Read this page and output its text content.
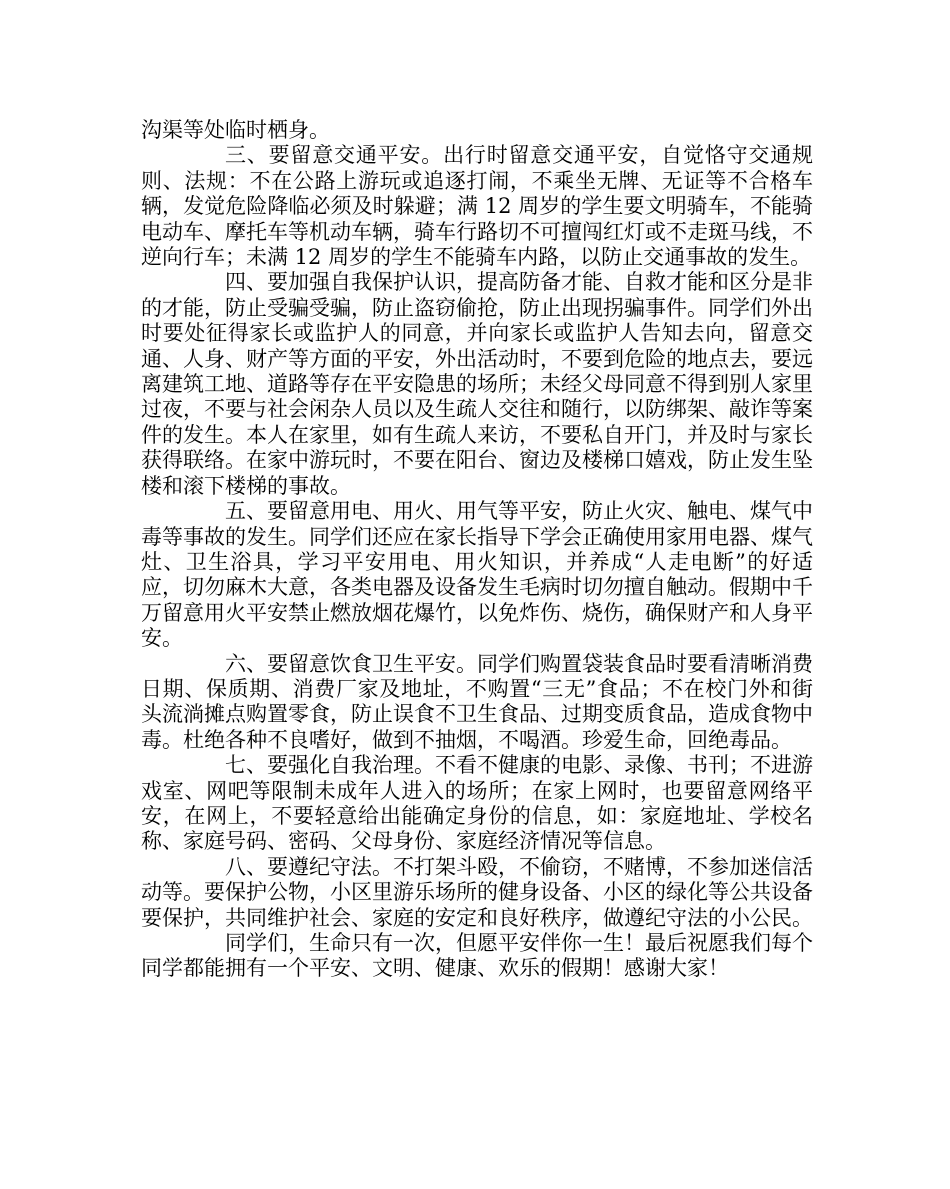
沟渠等处临时栖身。

三、要留意交通平安。出行时留意交通平安，自觉恪守交通规则、法规：不在公路上游玩或追逐打闹，不乘坐无牌、无证等不合格车辆，发觉危险降临必须及时躲避；满 12 周岁的学生要文明骑车，不能骑电动车、摩托车等机动车辆，骑车行路切不可擅闯红灯或不走斑马线，不逆向行车；未满 12 周岁的学生不能骑车内路，以防止交通事故的发生。

四、要加强自我保护认识，提高防备才能、自救才能和区分是非的才能，防止受骗受骗，防止盗窃偷抢，防止出现拐骗事件。同学们外出时要处征得家长或监护人的同意，并向家长或监护人告知去向，留意交通、人身、财产等方面的平安，外出活动时，不要到危险的地点去，要远离建筑工地、道路等存在平安隐患的场所；未经父母同意不得到别人家里过夜，不要与社会闲杂人员以及生疏人交往和随行，以防绑架、敲诈等案件的发生。本人在家里，如有生疏人来访，不要私自开门，并及时与家长获得联络。在家中游玩时，不要在阳台、窗边及楼梯口嬉戏，防止发生坠楼和滚下楼梯的事故。

五、要留意用电、用火、用气等平安，防止火灾、触电、煤气中毒等事故的发生。同学们还应在家长指导下学会正确使用家用电器、煤气灶、卫生浴具，学习平安用电、用火知识，并养成“人走电断”的好适应，切勿麻木大意，各类电器及设备发生毛病时切勿擅自触动。假期中千万留意用火平安禁止燃放烟花爆竹，以免炸伤、烧伤，确保财产和人身平安。

六、要留意饮食卫生平安。同学们购置袋装食品时要看清晰消费日期、保质期、消费厂家及地址，不购置“三无”食品；不在校门外和街头流淌摊点购置零食，防止误食不卫生食品、过期变质食品，造成食物中毒。杜绝各种不良嗜好，做到不抽烟，不喝酒。珍爱生命，回绝毒品。

七、要强化自我治理。不看不健康的电影、录像、书刊；不进游戏室、网吧等限制未成年人进入的场所；在家上网时，也要留意网络平安，在网上，不要轻意给出能确定身份的信息，如：家庭地址、学校名称、家庭号码、密码、父母身份、家庭经济情况等信息。

八、要遵纪守法。不打架斗殴，不偷窃，不赌博，不参加迷信活动等。要保护公物，小区里游乐场所的健身设备、小区的绿化等公共设备要保护，共同维护社会、家庭的安定和良好秩序，做遵纪守法的小公民。

同学们，生命只有一次，但愿平安伴你一生！最后祝愿我们每个同学都能拥有一个平安、文明、健康、欢乐的假期！感谢大家！
